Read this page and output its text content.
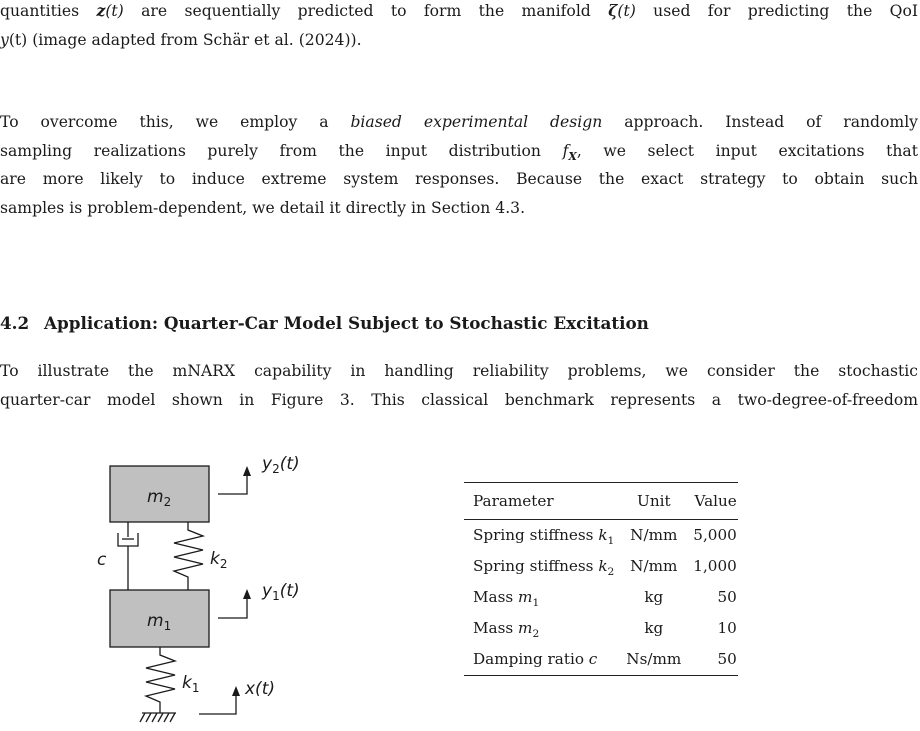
quantities z(t) are sequentially predicted to form the manifold ζ(t) used for predicting the QoI
y(t) (image adapted from Schär et al. (2024)).
To overcome this, we employ a biased experimental design approach. Instead of randomly
sampling realizations purely from the input distribution $f_X$, we select input excitations that
are more likely to induce extreme system responses. Because the exact strategy to obtain such
samples is problem-dependent, we detail it directly in Section 4.3.
4.2 Application: Quarter-Car Model Subject to Stochastic Excitation
To illustrate the mNARX capability in handling reliability problems, we consider the stochastic
quarter-car model shown in Figure 3. This classical benchmark represents a two-degree-of-freedom
$m_2$
$m_1$
c	$k_2$
$k_1$
$y_2(t)$
$y_1(t)$
x(t)
Parameter	Unit	Value
Spring stiffness $k_1$	N/mm	5,000
Spring stiffness $k_2$	N/mm	1,000
Mass $m_1$	kg	50
Mass $m_2$	kg	10
Damping ratio c	Ns/mm	50
